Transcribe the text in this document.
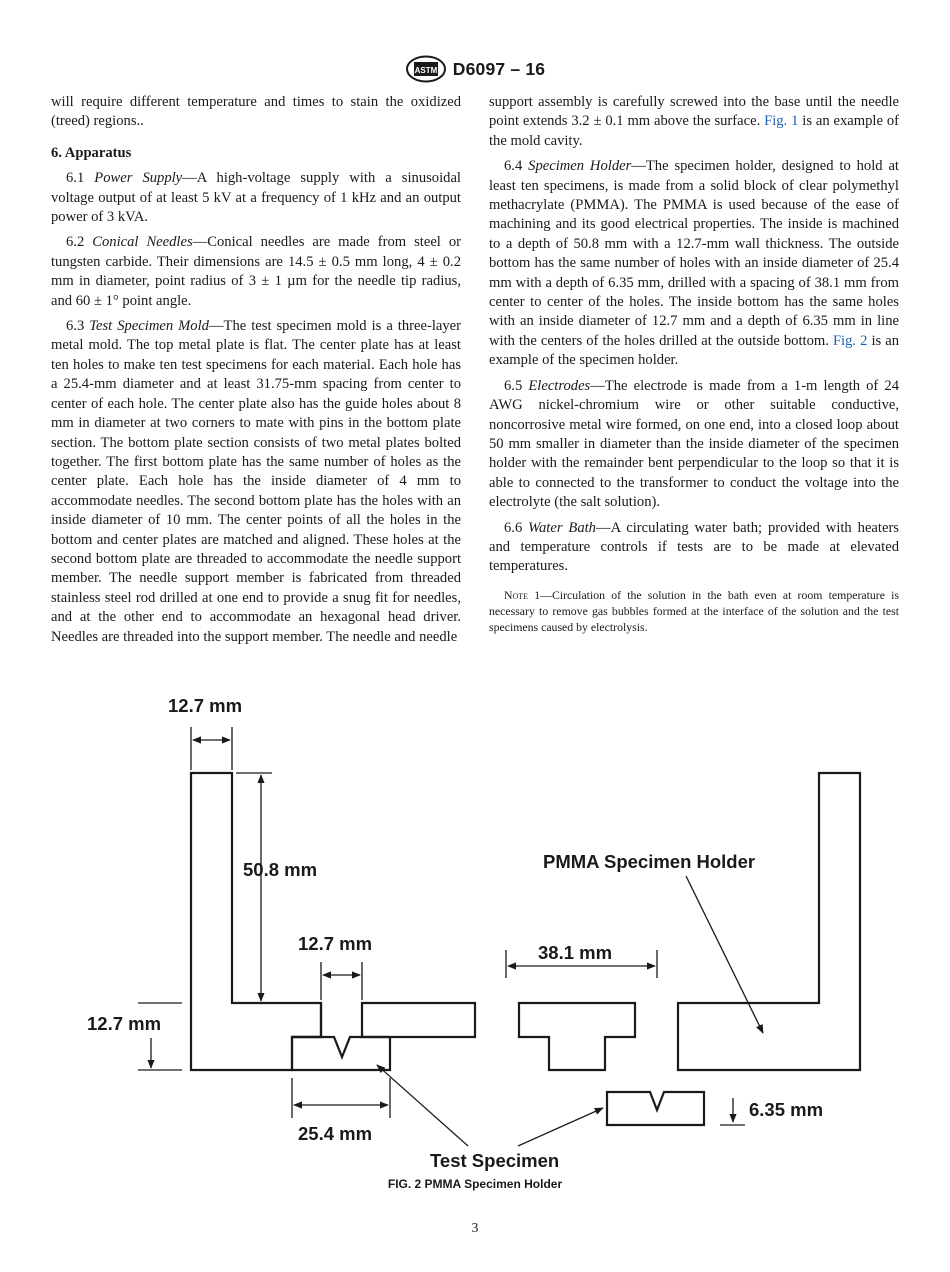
ASTM D6097 – 16

will require different temperature and times to stain the oxidized (treed) regions..

6. Apparatus

6.1 Power Supply—A high-voltage supply with a sinusoidal voltage output of at least 5 kV at a frequency of 1 kHz and an output power of 3 kVA.

6.2 Conical Needles—Conical needles are made from steel or tungsten carbide. Their dimensions are 14.5 ± 0.5 mm long, 4 ± 0.2 mm in diameter, point radius of 3 ± 1 µm for the needle tip radius, and 60 ± 1° point angle.

6.3 Test Specimen Mold—The test specimen mold is a three-layer metal mold. The top metal plate is flat. The center plate has at least ten holes to make ten test specimens for each material. Each hole has a 25.4-mm diameter and at least 31.75-mm spacing from center to center of each hole. The center plate also has the guide holes about 8 mm in diameter at two corners to mate with pins in the bottom plate section. The bottom plate section consists of two metal plates bolted together. The first bottom plate has the same number of holes as the center plate. Each hole has the inside diameter of 4 mm to accommodate needles. The second bottom plate has the holes with an inside diameter of 10 mm. The center points of all the holes in the bottom and center plates are matched and aligned. These holes at the second bottom plate are threaded to accommodate the needle support member. The needle support member is fabricated from threaded stainless steel rod drilled at one end to provide a snug fit for needles, and at the other end to accommodate an hexagonal head driver. Needles are threaded into the support member. The needle and needle

support assembly is carefully screwed into the base until the needle point extends 3.2 ± 0.1 mm above the surface. Fig. 1 is an example of the mold cavity.

6.4 Specimen Holder—The specimen holder, designed to hold at least ten specimens, is made from a solid block of clear polymethyl methacrylate (PMMA). The PMMA is used because of the ease of machining and its good electrical properties. The inside is machined to a depth of 50.8 mm with a 12.7-mm wall thickness. The outside bottom has the same number of holes with an inside diameter of 25.4 mm with a depth of 6.35 mm, drilled with a spacing of 38.1 mm from center to center of the holes. The inside bottom has the same holes with an inside diameter of 12.7 mm and a depth of 6.35 mm in line with the centers of the holes drilled at the outside bottom. Fig. 2 is an example of the specimen holder.

6.5 Electrodes—The electrode is made from a 1-m length of 24 AWG nickel-chromium wire or other suitable conductive, noncorrosive metal wire formed, on one end, into a closed loop about 50 mm smaller in diameter than the inside diameter of the specimen holder with the remainder bent perpendicular to the loop so that it is able to connected to the transformer to conduct the voltage into the electrolyte (the salt solution).

6.6 Water Bath—A circulating water bath; provided with heaters and temperature controls if tests are to be made at elevated temperatures.

Note 1—Circulation of the solution in the bath even at room temperature is necessary to remove gas bubbles formed at the interface of the solution and the test specimens caused by electrolysis.

12.7 mm
50.8 mm
12.7 mm
12.7 mm
25.4 mm
38.1 mm
6.35 mm
PMMA Specimen Holder
Test Specimen
FIG. 2 PMMA Specimen Holder
3
